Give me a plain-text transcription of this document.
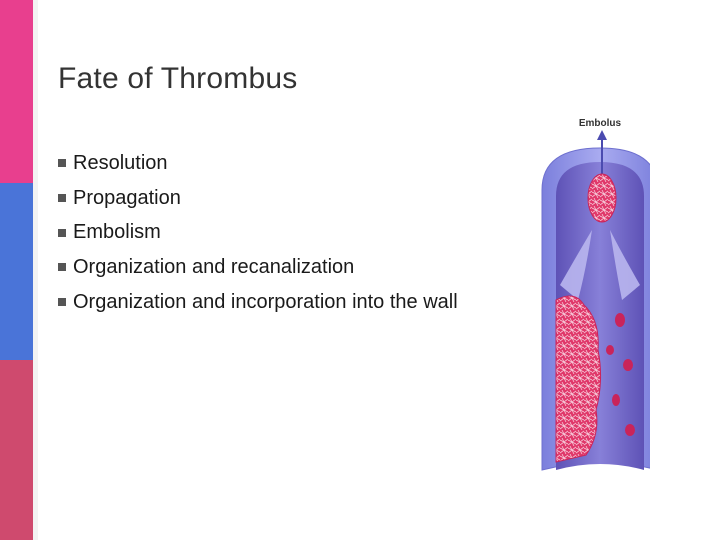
Fate of Thrombus
Resolution
Propagation
Embolism
Organization and recanalization
Organization and incorporation into the wall
Embolus
